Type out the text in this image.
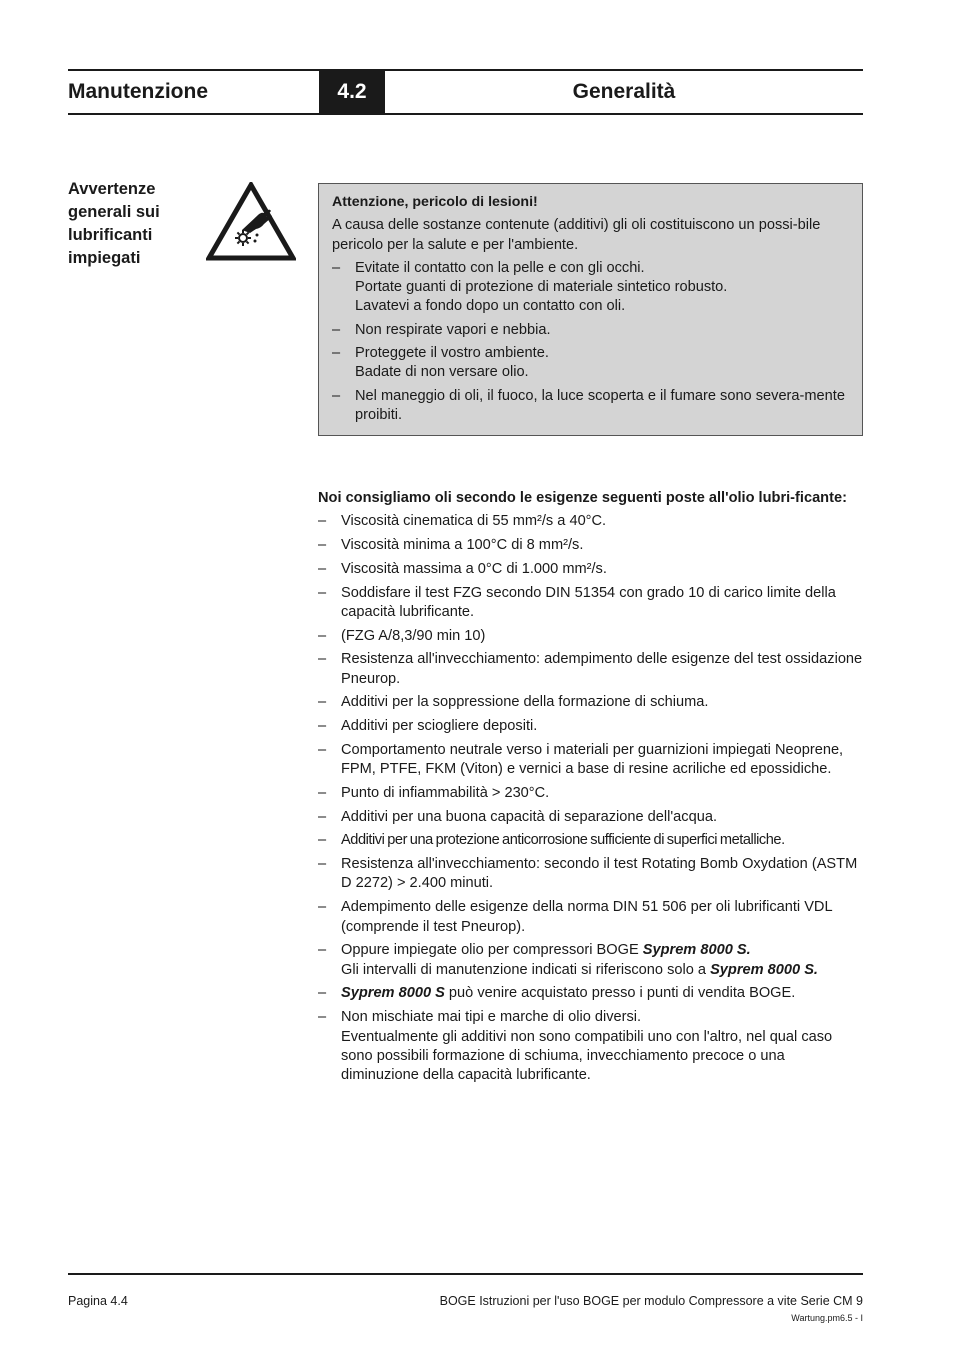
Manutenzione	4.2	Generalità
Avvertenze
generali sui
lubrificanti
impiegati
Attenzione, pericolo di lesioni!
A causa delle sostanze contenute (additivi) gli oli costituiscono un possi-bile pericolo per la salute e per l'ambiente.
– Evitate il contatto con la pelle e con gli occhi.
Portate guanti di protezione di materiale sintetico robusto.
Lavatevi a fondo dopo un contatto con oli.
– Non respirate vapori e nebbia.
– Proteggete il vostro ambiente.
Badate di non versare olio.
– Nel maneggio di oli, il fuoco, la luce scoperta e il fumare sono severa-mente proibiti.
Noi consigliamo oli secondo le esigenze seguenti poste all'olio lubri-ficante:
– Viscosità cinematica di 55 mm²/s a 40°C.
– Viscosità minima a 100°C di 8 mm²/s.
– Viscosità massima a 0°C di 1.000 mm²/s.
– Soddisfare il test FZG secondo DIN 51354 con grado 10 di carico limite della capacità lubrificante.
– (FZG A/8,3/90 min 10)
– Resistenza all'invecchiamento: adempimento delle esigenze del test ossidazione Pneurop.
– Additivi per la soppressione della formazione di schiuma.
– Additivi per sciogliere depositi.
– Comportamento neutrale verso i materiali per guarnizioni impiegati Neoprene, FPM, PTFE, FKM (Viton) e vernici a base di resine acriliche ed epossidiche.
– Punto di infiammabilità > 230°C.
– Additivi per una buona capacità di separazione dell'acqua.
– Additivi per una protezione anticorrosione sufficiente di superfici metalliche.
– Resistenza all'invecchiamento: secondo il test Rotating Bomb Oxydation (ASTM D 2272) > 2.400 minuti.
– Adempimento delle esigenze della norma DIN 51 506 per oli lubrificanti VDL (comprende il test Pneurop).
– Oppure impiegate olio per compressori BOGE Syprem 8000 S.
Gli intervalli di manutenzione indicati si riferiscono solo a Syprem 8000 S.
– Syprem 8000 S può venire acquistato presso i punti di vendita BOGE.
– Non mischiate mai tipi e marche di olio diversi.
Eventualmente gli additivi non sono compatibili uno con l'altro, nel qual caso sono possibili formazione di schiuma, invecchiamento precoce o una diminuzione della capacità lubrificante.
Pagina 4.4	BOGE Istruzioni per l'uso BOGE per modulo Compressore a vite Serie CM 9
Wartung.pm6.5 - I
